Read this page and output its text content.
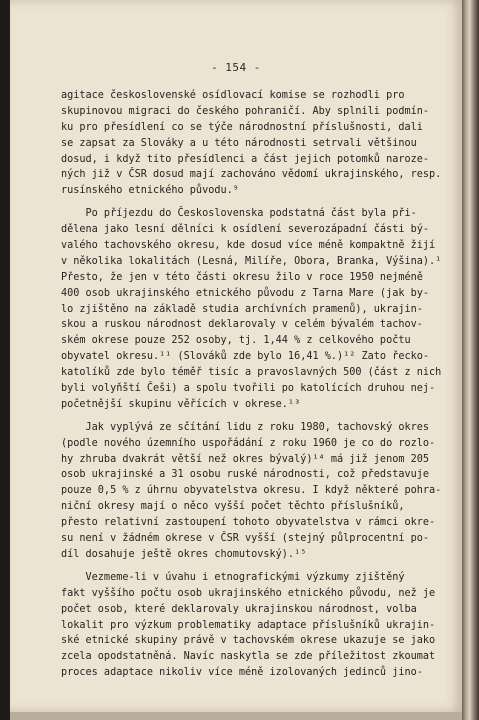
- 154 -
agitace československé osídlovací komise se rozhodli pro
skupinovou migraci do českého pohraničí. Aby splnili podmín-
ku pro přesídlení co se týče národnostní příslušnosti, dali
se zapsat za Slováky a u této národnosti setrvali většinou
dosud, i když tito přesídlenci a část jejich potomků naroze-
ných již v ČSR dosud mají zachováno vědomí ukrajinského, resp.
rusínského etnického původu.⁹
Po příjezdu do Československa podstatná část byla při-
dělena jako lesní dělníci k osídlení severozápadní části bý-
valého tachovského okresu, kde dosud více méně kompaktně žijí
v několika lokalitách (Lesná, Milíře, Obora, Branka, Výšina).¹
Přesto, že jen v této části okresu žilo v roce 1950 nejméně
400 osob ukrajinského etnického původu z Tarna Mare (jak by-
lo zjištěno na základě studia archívních pramenů), ukrajin-
skou a ruskou národnost deklarovaly v celém bývalém tachov-
ském okrese pouze 252 osoby, tj. 1,44 % z celkového počtu
obyvatel okresu.¹¹ (Slováků zde bylo 16,41 %.)¹² Zato řecko-
katolíků zde bylo téměř tisíc a pravoslavných 500 (část z nich
byli volyňští Češi) a spolu tvořili po katolících druhou nej-
početnější skupinu věřících v okrese.¹³
Jak vyplývá ze sčítání lidu z roku 1980, tachovský okres
(podle nového územního uspořádání z roku 1960 je co do rozlo-
hy zhruba dvakrát větší než okres bývalý)¹⁴ má již jenom 205
osob ukrajinské a 31 osobu ruské národnosti, což představuje
pouze 0,5 % z úhrnu obyvatelstva okresu. I když některé pohra-
niční okresy mají o něco vyšší počet těchto příslušníků,
přesto relativní zastoupení tohoto obyvatelstva v rámci okre-
su není v žádném okrese v ČSR vyšší (stejný půlprocentní po-
díl dosahuje ještě okres chomutovský).¹⁵
Vezmeme-li v úvahu i etnografickými výzkumy zjištěný
fakt vyššího počtu osob ukrajinského etnického původu, než je
počet osob, které deklarovaly ukrajinskou národnost, volba
lokalit pro výzkum problematiky adaptace příslušníků ukrajin-
ské etnické skupiny právě v tachovském okrese ukazuje se jako
zcela opodstatněná. Navíc naskytla se zde příležitost zkoumat
proces adaptace nikoliv více méně izolovaných jedinců jino-
